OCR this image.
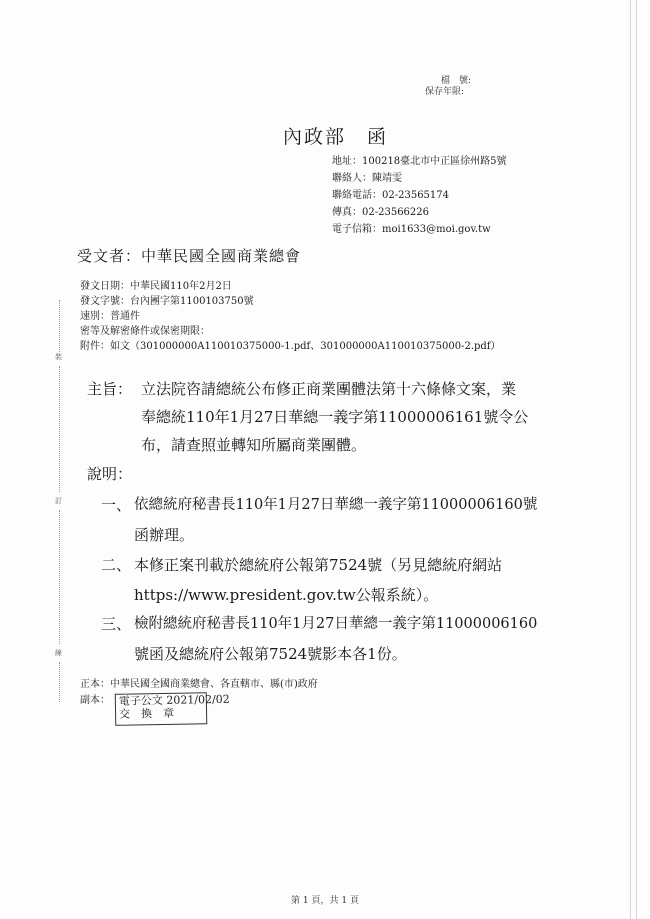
裝
訂
線
檔　號:
保存年限:
內政部　函
地址：100218臺北市中正區徐州路5號
聯絡人：陳靖雯
聯絡電話：02-23565174
傳真：02-23566226
電子信箱：moi1633@moi.gov.tw
受文者：中華民國全國商業總會
發文日期：中華民國110年2月2日
發文字號：台內團字第1100103750號
速別：普通件
密等及解密條件或保密期限：
附件：如文（301000000A110010375000-1.pdf、301000000A110010375000-2.pdf）
主旨： 立法院咨請總統公布修正商業團體法第十六條條文案，業
奉總統110年1月27日華總一義字第11000006161號令公
布，請查照並轉知所屬商業團體。
說明：
一、 依總統府秘書長110年1月27日華總一義字第11000006160號
函辦理。
二、 本修正案刊載於總統府公報第7524號（另見總統府網站
https://www.president.gov.tw公報系統）。
三、 檢附總統府秘書長110年1月27日華總一義字第11000006160
號函及總統府公報第7524號影本各1份。
正本：中華民國全國商業總會、各直轄市、縣(市)政府
副本： 電子公文 2021/02/02
交　換　章
第 1 頁，共 1 頁
